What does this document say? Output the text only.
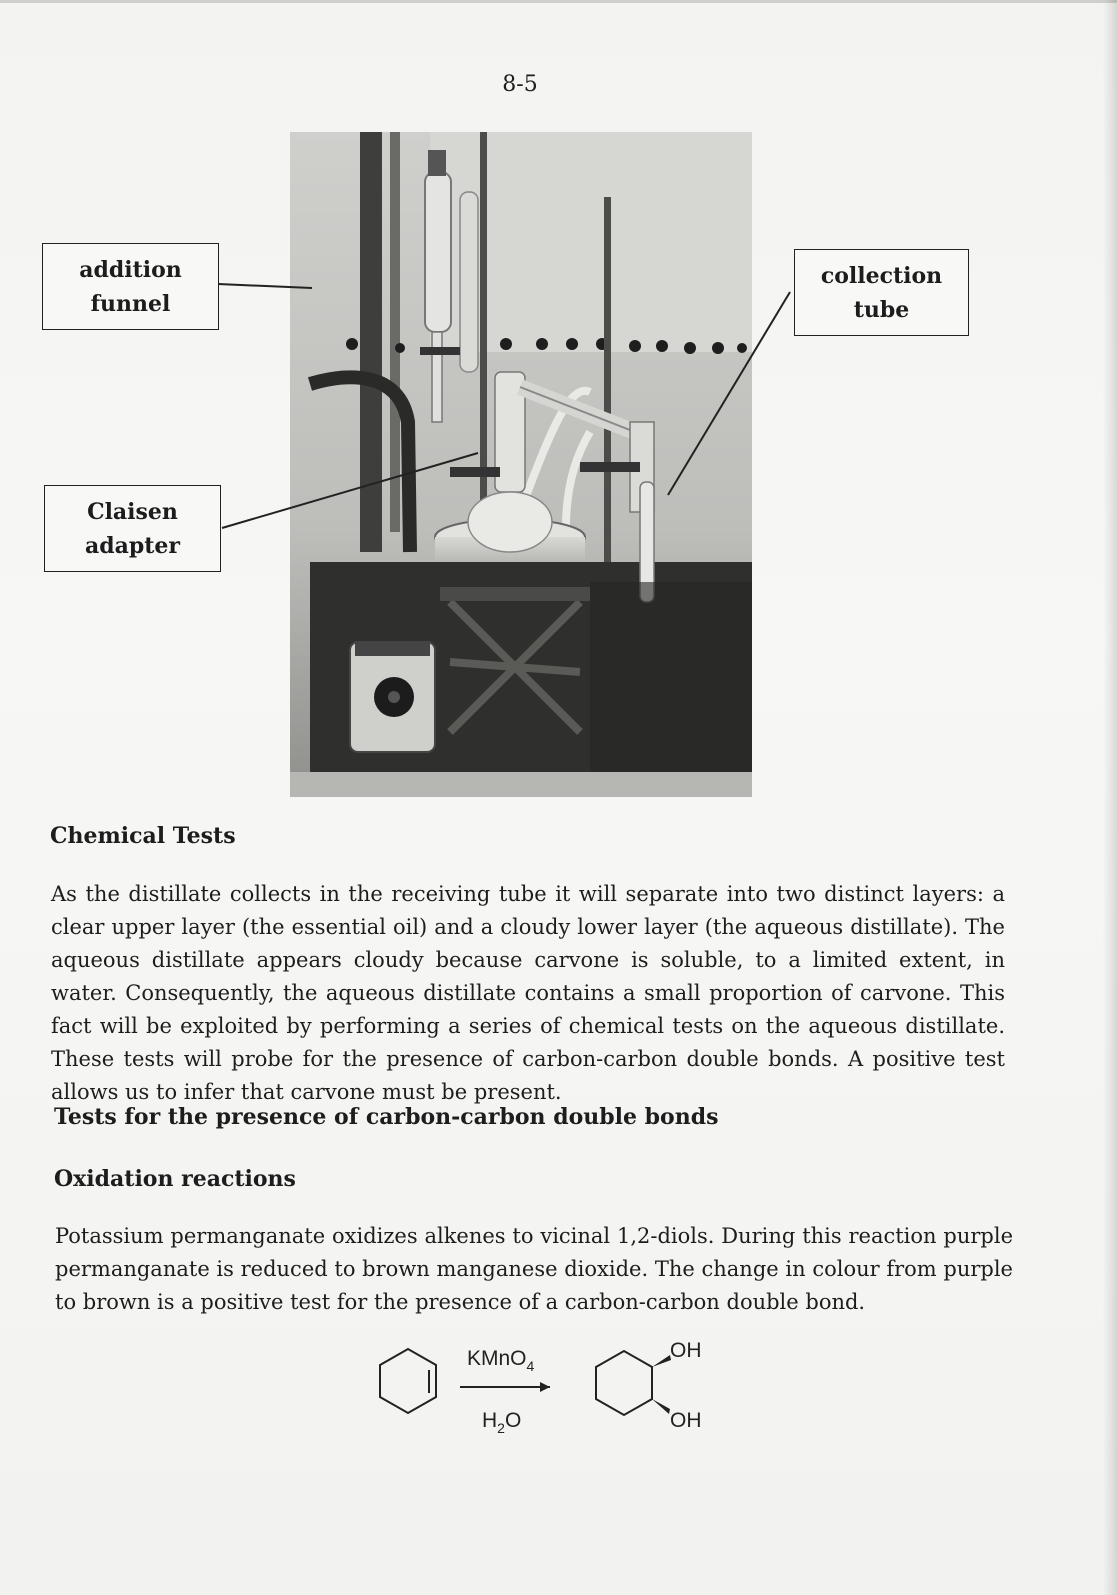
8-5
addition
funnel
Claisen
adapter
collection
tube
Chemical Tests

As the distillate collects in the receiving tube it will separate into two distinct layers: a clear upper layer (the essential oil) and a cloudy lower layer (the aqueous distillate). The aqueous distillate appears cloudy because carvone is soluble, to a limited extent, in water. Consequently, the aqueous distillate contains a small proportion of carvone. This fact will be exploited by performing a series of chemical tests on the aqueous distillate. These tests will probe for the presence of carbon-carbon double bonds. A positive test allows us to infer that carvone must be present.

Tests for the presence of carbon-carbon double bonds
Oxidation reactions

Potassium permanganate oxidizes alkenes to vicinal 1,2-diols. During this reaction purple permanganate is reduced to brown manganese dioxide. The change in colour from purple to brown is a positive test for the presence of a carbon-carbon double bond.

KMnO$_4$
$H_2O$
OH
OH
